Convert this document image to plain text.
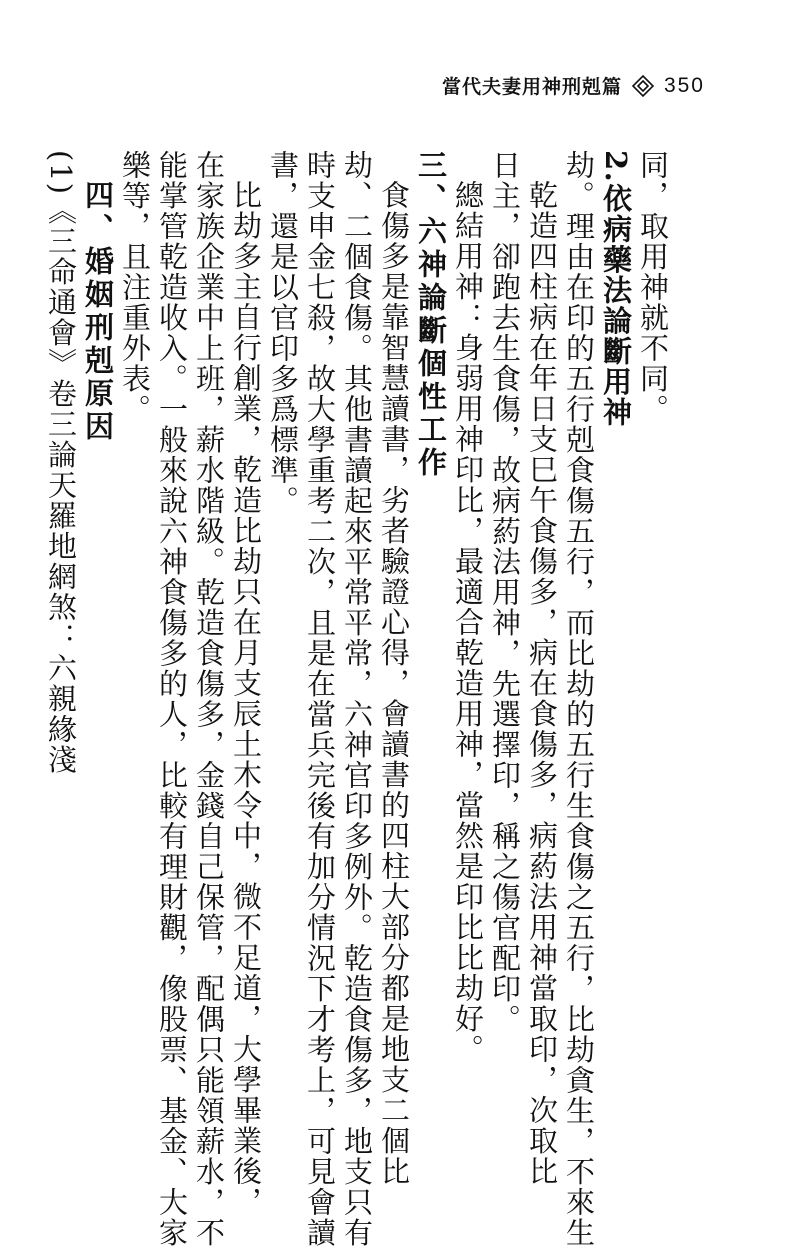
當代夫妻用神刑剋篇 350
同，取用神就不同。
2.依病藥法論斷用神
劫。理由在印的五行剋食傷五行，而比劫的五行生食傷之五行，比劫貪生，不來生
乾造四柱病在年日支巳午食傷多，病在食傷多，病葯法用神當取印，次取比
日主，卻跑去生食傷，故病葯法用神，先選擇印，稱之傷官配印。
總結用神：身弱用神印比，最適合乾造用神，當然是印比比劫好。
三、六神論斷個性工作
食傷多是靠智慧讀書，劣者驗證心得，會讀書的四柱大部分都是地支二個比
劫、二個食傷。其他書讀起來平常平常，六神官印多例外。乾造食傷多，地支只有
時支申金七殺，故大學重考二次，且是在當兵完後有加分情況下才考上，可見會讀
書，還是以官印多爲標準。
比劫多主自行創業，乾造比劫只在月支辰土木令中，微不足道，大學畢業後，
在家族企業中上班，薪水階級。乾造食傷多，金錢自己保管，配偶只能領薪水，不
能掌管乾造收入。一般來說六神食傷多的人，比較有理財觀，像股票、基金、大家
樂等，且注重外表。
四、婚姻刑剋原因
(1)《三命通會》卷三論天羅地網煞：六親緣淺
